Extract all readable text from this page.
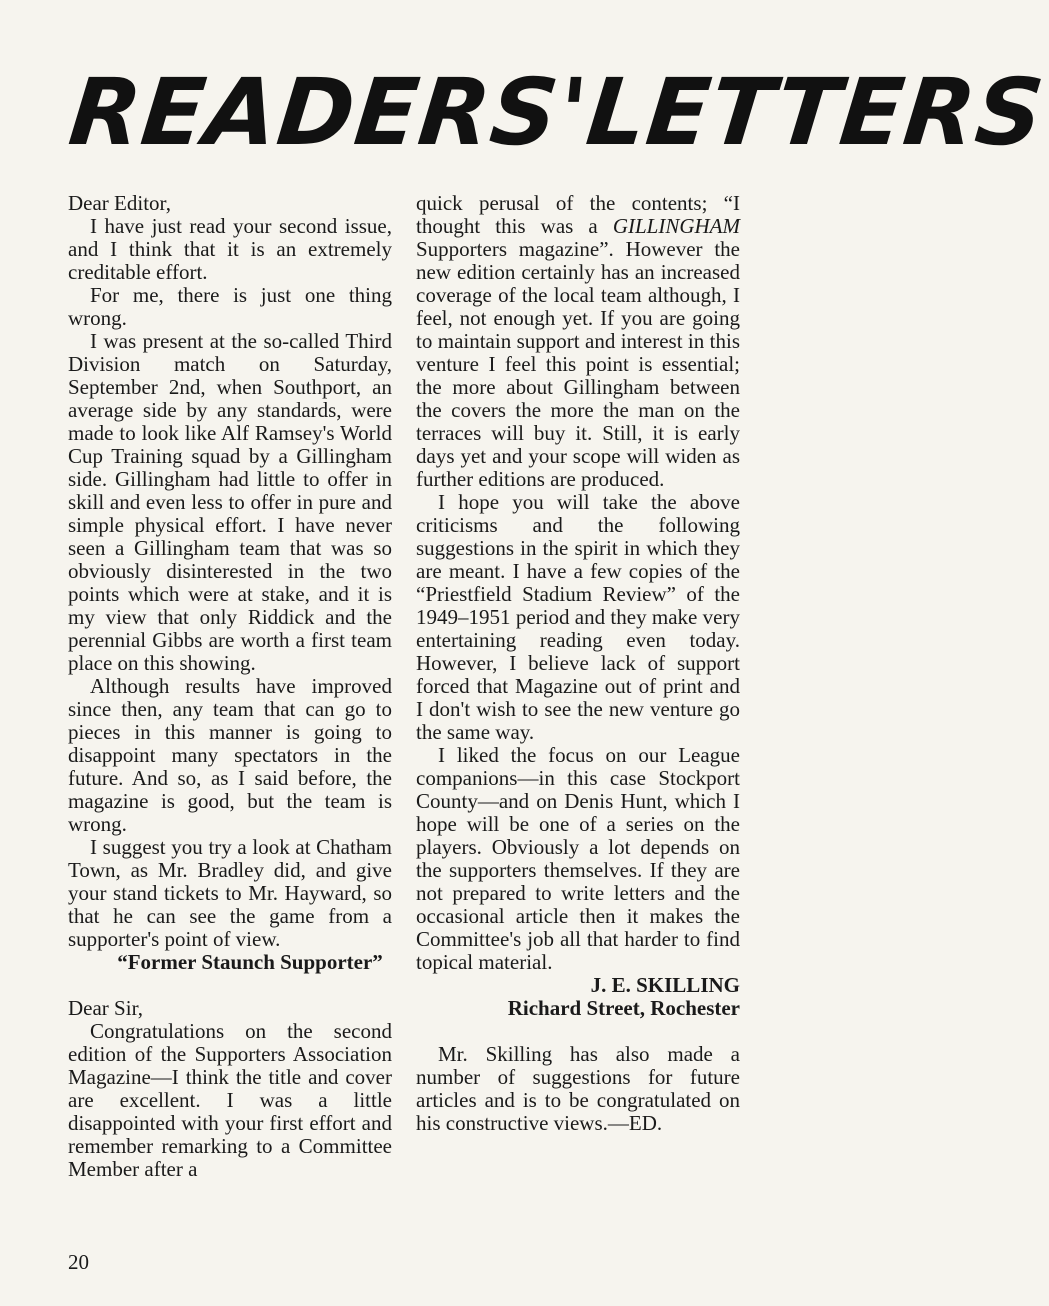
READERS'
LETTERS

Dear Editor,

I have just read your second issue, and I think that it is an extremely creditable effort.

For me, there is just one thing wrong.

I was present at the so-called Third Division match on Saturday, September 2nd, when Southport, an average side by any standards, were made to look like Alf Ramsey's World Cup Training squad by a Gillingham side. Gillingham had little to offer in skill and even less to offer in pure and simple physical effort. I have never seen a Gillingham team that was so obviously disinterested in the two points which were at stake, and it is my view that only Riddick and the perennial Gibbs are worth a first team place on this showing.

Although results have improved since then, any team that can go to pieces in this manner is going to disappoint many spectators in the future. And so, as I said before, the magazine is good, but the team is wrong.

I suggest you try a look at Chatham Town, as Mr. Bradley did, and give your stand tickets to Mr. Hayward, so that he can see the game from a supporter's point of view.

“Former Staunch Supporter”

Dear Sir,

Congratulations on the second edition of the Supporters Association Magazine—I think the title and cover are excellent. I was a little disappointed with your first effort and remember remarking to a Committee Member after a

quick perusal of the contents; “I thought this was a GILLINGHAM Supporters magazine”. However the new edition certainly has an increased coverage of the local team although, I feel, not enough yet. If you are going to maintain support and interest in this venture I feel this point is essential; the more about Gillingham between the covers the more the man on the terraces will buy it. Still, it is early days yet and your scope will widen as further editions are produced.

I hope you will take the above criticisms and the following suggestions in the spirit in which they are meant. I have a few copies of the “Priestfield Stadium Review” of the 1949–1951 period and they make very entertaining reading even today. However, I believe lack of support forced that Magazine out of print and I don't wish to see the new venture go the same way.

I liked the focus on our League companions—in this case Stockport County—and on Denis Hunt, which I hope will be one of a series on the players. Obviously a lot depends on the supporters themselves. If they are not prepared to write letters and the occasional article then it makes the Committee's job all that harder to find topical material.

J. E. SKILLING

Richard Street, Rochester

Mr. Skilling has also made a number of suggestions for future articles and is to be congratulated on his constructive views.—ED.

20
